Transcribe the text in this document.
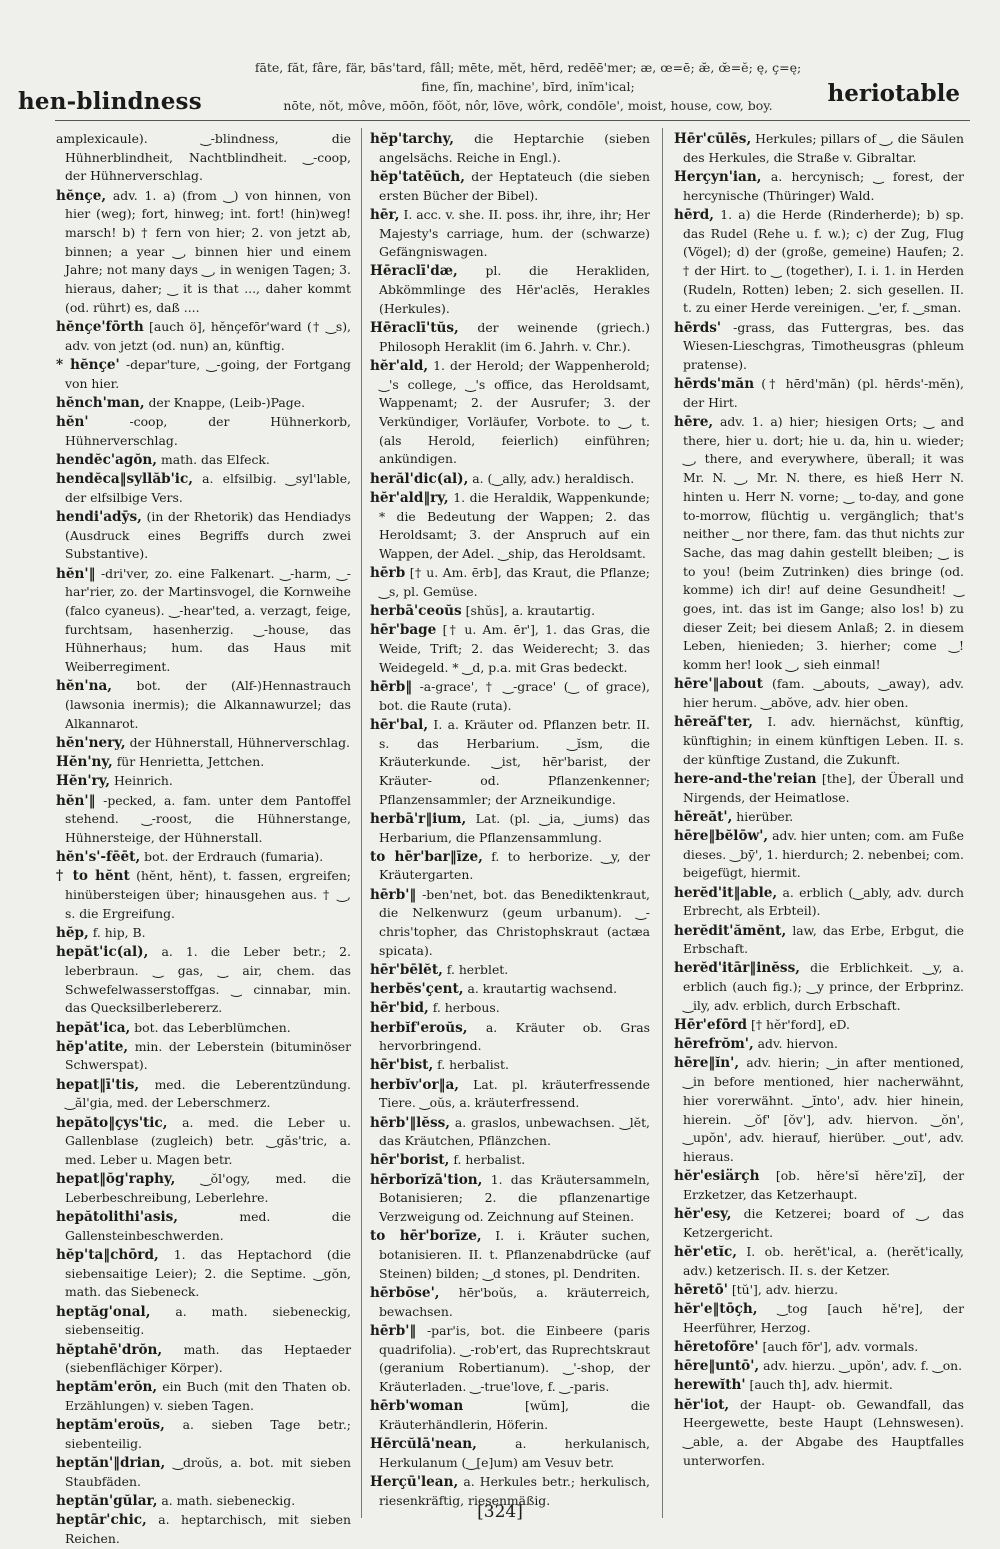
hen-blindness
fāte, făt, fâre, fär, bās'tard, fâll; mēte, mĕt, hērd, redēē'mer; æ, œ=ē; æ̆, œ̆=ĕ; ę, ç=ę;
fine, fĭn, machine', bīrd, inĭm'ical;
nōte, nŏt, môve, mōōn, fŏŏt, nôr, lōve, wôrk, condōle', moist, house, cow, boy.	heriotable
amplexicaule). ‿-blindness, die Hühnerblindheit, Nachtblindheit. ‿-coop, der Hühnerverschlag.
hĕnçe, adv. 1. a) (from ‿) von hinnen, von hier (weg); fort, hinweg; int. fort! (hin)weg! marsch! b) † fern von hier; 2. von jetzt ab, binnen; a year ‿, binnen hier und einem Jahre; not many days ‿, in wenigen Tagen; 3. hieraus, daher; ‿ it is that ..., daher kommt (od. rührt) es, daß ....
hĕnçe'fōrth [auch ö], hĕnçefōr'ward († ‿s), adv. von jetzt (od. nun) an, künftig.
* hĕnçe' -depar'ture, ‿-going, der Fortgang von hier.
hĕnch'man, der Knappe, (Leib-)Page.
hĕn'	-coop, der Hühnerkorb, Hühnerverschlag.
hendĕc'agŏn, math. das Elfeck.
hendĕca‖syllăb'ic, a. elfsilbig. ‿syl'lable, der elfsilbige Vers.
hendi'adȳs, (in der Rhetorik) das Hendiadys (Ausdruck eines Begriffs durch zwei Substantive).
hĕn'‖ -dri'ver, zo. eine Falkenart. ‿-harm, ‿-har'rier, zo. der Martinsvogel, die Kornweihe (falco cyaneus). ‿-hear'ted, a. verzagt, feige, furchtsam, hasenherzig. ‿-house, das Hühnerhaus; hum. das Haus mit Weiberregiment.
hĕn'na, bot. der (Alf-)Hennastrauch (lawsonia inermis); die Alkannawurzel; das Alkannarot.
hĕn'nery, der Hühnerstall, Hühnerverschlag.
Hĕn'ny, für Henrietta, Jettchen.
Hĕn'ry, Heinrich.
hĕn'‖ -pecked, a. fam. unter dem Pantoffel stehend. ‿-roost, die Hühnerstange, Hühnersteige, der Hühnerstall.
hĕn's'-fēēt, bot. der Erdrauch (fumaria).
† to hĕnt (hĕnt, hĕnt), t. fassen, ergreifen; hinübersteigen über; hinausgehen aus. † ‿, s. die Ergreifung.
hĕp, f. hip, B.
hepăt'ic(al), a. 1. die Leber betr.; 2. leberbraun. ‿ gas, ‿ air, chem. das Schwefelwasserstoffgas. ‿ cinnabar, min. das Quecksilberlebererz.
hepăt'ica, bot. das Leberblümchen.
hĕp'atite, min. der Leberstein (bituminöser Schwerspat).
hepat‖ī'tis, med. die Leberentzündung. ‿ăl'gia, med. der Leberschmerz.
hepăto‖çys'tic, a. med. die Leber u. Gallenblase (zugleich) betr. ‿găs'tric, a. med. Leber u. Magen betr.
hepat‖ŏg'raphy, ‿ŏl'ogy, med. die Leberbeschreibung, Leberlehre.
hepătolithi'asis,	med. die Gallensteinbeschwerden.
hĕp'ta‖chōrd, 1. das Heptachord (die siebensaitige Leier); 2. die Septime. ‿gŏn, math. das Siebeneck.
heptăg'onal, a. math. siebeneckig, siebenseitig.
hĕptahē'drŏn, math. das Heptaeder (siebenflächiger Körper).
heptăm'erŏn, ein Buch (mit den Thaten ob. Erzählungen) v. sieben Tagen.
heptăm'eroŭs, a. sieben Tage betr.; siebenteilig.
heptăn'‖drian, ‿droŭs, a. bot. mit sieben Staubfäden.
heptăn'gŭlar, a. math. siebeneckig.
heptār'chic, a. heptarchisch, mit sieben Reichen.
hĕp'tarchy, die Heptarchie (sieben angelsächs. Reiche in Engl.).
hĕp'tatēŭch, der Heptateuch (die sieben ersten Bücher der Bibel).
hēr, I. acc. v. she. II. poss. ihr, ihre, ihr; Her Majesty's carriage, hum. der (schwarze) Gefängniswagen.
Hēraclī'dæ, pl. die Herakliden, Abkömmlinge des Hēr'aclēs, Herakles (Herkules).
Hēraclī'tŭs, der weinende (griech.) Philosoph Heraklit (im 6. Jahrh. v. Chr.).
hĕr'ald, 1. der Herold; der Wappenherold; ‿'s college, ‿'s office, das Heroldsamt, Wappenamt; 2. der Ausrufer; 3. der Verkündiger, Vorläufer, Vorbote. to ‿, t. (als Herold, feierlich) einführen; ankündigen.
herăl'dic(al), a. (‿ally, adv.) heraldisch.
hĕr'ald‖ry, 1. die Heraldik, Wappenkunde; * die Bedeutung der Wappen; 2. das Heroldsamt; 3. der Anspruch auf ein Wappen, der Adel. ‿ship, das Heroldsamt.
hērb [† u. Am. ērb], das Kraut, die Pflanze; ‿s, pl. Gemüse.
herbā'ceoŭs [shŭs], a. krautartig.
hēr'bage [† u. Am. ēr'], 1. das Gras, die Weide, Trift; 2. das Weiderecht; 3. das Weidegeld. * ‿d, p.a. mit Gras bedeckt.
hērb‖ -a-grace', † ‿-grace' (‿ of grace), bot. die Raute (ruta).
hēr'bal, I. a. Kräuter od. Pflanzen betr. II. s. das Herbarium. ‿ĭsm, die Kräuterkunde. ‿ist, hēr'barist, der Kräuter- od. Pflanzenkenner; Pflanzensammler; der Arzneikundige.
herbā'r‖ium, Lat. (pl. ‿ia, ‿iums) das Herbarium, die Pflanzensammlung.
to hēr'bar‖īze, f. to herborize. ‿y, der Kräutergarten.
hērb'‖ -ben'net, bot. das Benediktenkraut, die Nelkenwurz (geum urbanum). ‿-chris'topher, das Christophskraut (actæa spicata).
hēr'bēlĕt, f. herblet.
herbĕs'çent, a. krautartig wachsend.
hēr'bid, f. herbous.
herbĭf'eroŭs, a. Kräuter ob. Gras hervorbringend.
hēr'bist, f. herbalist.
herbĭv'or‖a, Lat. pl. kräuterfressende Tiere. ‿oŭs, a. kräuterfressend.
hērb'‖lĕss, a. graslos, unbewachsen. ‿lĕt, das Kräutchen, Pflänzchen.
hēr'borist, f. herbalist.
hērborĭzā'tion, 1. das Kräutersammeln, Botanisieren; 2. die pflanzenartige Verzweigung od. Zeichnung auf Steinen.
to hēr'borīze, I. i. Kräuter suchen, botanisieren. II. t. Pflanzenabdrücke (auf Steinen) bilden; ‿d stones, pl. Dendriten.
hērbōse', hēr'boŭs, a. kräuterreich, bewachsen.
hērb'‖ -par'is, bot. die Einbeere (paris quadrifolia). ‿-rob'ert, das Ruprechtskraut (geranium Robertianum). ‿'-shop, der Kräuterladen. ‿-true'love, f. ‿-paris.
hērb'woman	[wŭm], die Kräuterhändlerin, Höferin.
Hērcŭlā'nean,	a. herkulanisch, Herkulanum (‿[e]um) am Vesuv betr.
Herçū'lean, a. Herkules betr.; herkulisch, riesenkräftig, riesenmäßig.
Hēr'cūlēs, Herkules; pillars of ‿, die Säulen des Herkules, die Straße v. Gibraltar.
Herçyn'ian, a. hercynisch; ‿ forest, der hercynische (Thüringer) Wald.
hērd, 1. a) die Herde (Rinderherde); b) sp. das Rudel (Rehe u. f. w.); c) der Zug, Flug (Vögel); d) der (große, gemeine) Haufen; 2. † der Hirt. to ‿ (together), I. i. 1. in Herden (Rudeln, Rotten) leben; 2. sich gesellen. II. t. zu einer Herde vereinigen. ‿'er, f. ‿sman.
hērds' -grass, das Futtergras, bes. das Wiesen-Lieschgras, Timotheusgras (phleum pratense).
hērds'măn († hērd'măn) (pl. hērds'-mĕn), der Hirt.
hēre, adv. 1. a) hier; hiesigen Orts; ‿ and there, hier u. dort; hie u. da, hin u. wieder; ‿, there, and everywhere, überall; it was Mr. N. ‿, Mr. N. there, es hieß Herr N. hinten u. Herr N. vorne; ‿ to-day, and gone to-morrow, flüchtig u. vergänglich; that's neither ‿ nor there, fam. das thut nichts zur Sache, das mag dahin gestellt bleiben; ‿ is to you! (beim Zutrinken) dies bringe (od. komme) ich dir! auf deine Gesundheit! ‿ goes, int. das ist im Gange; also los! b) zu dieser Zeit; bei diesem Anlaß; 2. in diesem Leben, hienieden; 3. hierher; come ‿! komm her! look ‿, sieh einmal!
hēre'‖about (fam. ‿abouts, ‿away), adv. hier herum. ‿abŏve, adv. hier oben.
hēreăf'ter, I. adv. hiernächst, künftig, künftighin; in einem künftigen Leben. II. s. der künftige Zustand, die Zukunft.
here-and-the'reian [the], der Überall und Nirgends, der Heimatlose.
hēreăt', hierüber.
hēre‖bĕlōw', adv. hier unten; com. am Fuße dieses. ‿bȳ', 1. hierdurch; 2. nebenbei; com. beigefügt, hiermit.
herĕd'it‖able, a. erblich (‿ably, adv. durch Erbrecht, als Erbteil).
herĕdit'ămĕnt, law, das Erbe, Erbgut, die Erbschaft.
herĕd'itār‖inĕss, die Erblichkeit. ‿y, a. erblich (auch fig.); ‿y prince, der Erbprinz. ‿ily, adv. erblich, durch Erbschaft.
Hēr'efōrd [† hĕr'ford], eD.
hērefrŏm', adv. hiervon.
hēre‖ĭn', adv. hierin; ‿in after mentioned, ‿in before mentioned, hier nacherwähnt, hier vorerwähnt. ‿ĭnto', adv. hier hinein, hierein. ‿ŏf' [ŏv'], adv. hiervon. ‿ŏn', ‿upŏn', adv. hierauf, hierüber. ‿out', adv. hieraus.
hĕr'esiärçh [ob. hĕre'sĭ hĕre'zĭ], der Erzketzer, das Ketzerhaupt.
hĕr'esy, die Ketzerei; board of ‿, das Ketzergericht.
hĕr'etĭc, I. ob. herĕt'ical, a. (herĕt'ically, adv.) ketzerisch. II. s. der Ketzer.
hēretō' [tŭ'], adv. hierzu.
hĕr'e‖tōçh, ‿tog [auch hĕ're], der Heerführer, Herzog.
hēretofōre' [auch fōr'], adv. vormals.
hēre‖untō', adv. hierzu. ‿upŏn', adv. f. ‿on.
herewĭth' [auch th], adv. hiermit.
hĕr'iot, der Haupt- ob. Gewandfall, das Heergewette, beste Haupt (Lehnswesen). ‿able, a. der Abgabe des Hauptfalles unterworfen.
[324]
